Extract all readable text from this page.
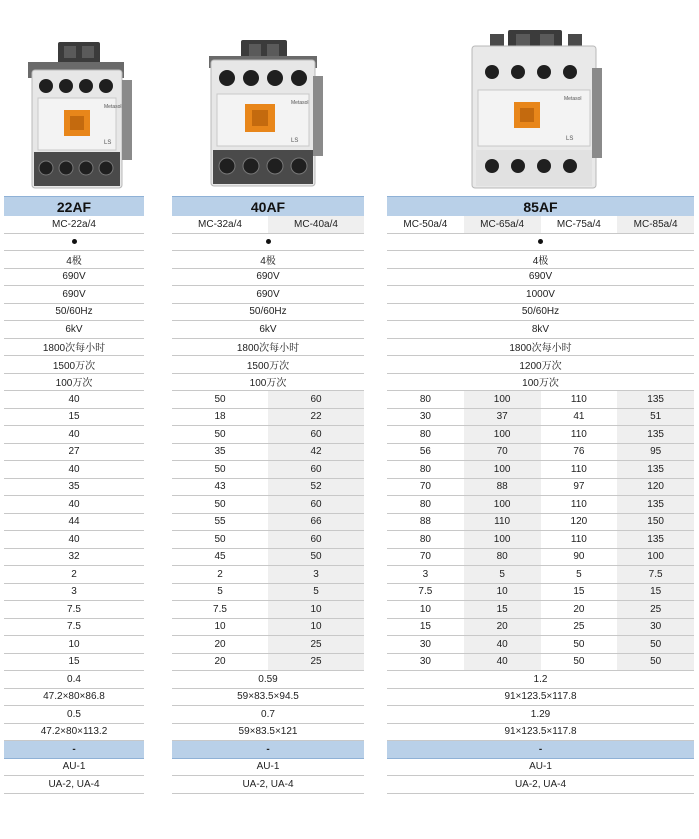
Metasol
LS
Metasol
LS
Metasol
LS
22AF
MC-22a/4
4极
690V
690V
50/60Hz
6kV
1800次每小时
1500万次
100万次
40
15
40
27
40
35
40
44
40
32
2
3
7.5
7.5
10
15
0.4
47.2×80×86.8
0.5
47.2×80×113.2
-
AU-1
UA-2, UA-4
40AF
MC-32a/4	MC-40a/4
4极
690V
690V
50/60Hz
6kV
1800次每小时
1500万次
100万次
50	60
18	22
50	60
35	42
50	60
43	52
50	60
55	66
50	60
45	50
2	3
5	5
7.5	10
10	10
20	25
20	25
0.59
59×83.5×94.5
0.7
59×83.5×121
-
AU-1
UA-2, UA-4
85AF
MC-50a/4	MC-65a/4	MC-75a/4	MC-85a/4
4极
690V
1000V
50/60Hz
8kV
1800次每小时
1200万次
100万次
80	100	110	135
30	37	41	51
80	100	110	135
56	70	76	95
80	100	110	135
70	88	97	120
80	100	110	135
88	110	120	150
80	100	110	135
70	80	90	100
3	5	5	7.5
7.5	10	15	15
10	15	20	25
15	20	25	30
30	40	50	50
30	40	50	50
1.2
91×123.5×117.8
1.29
91×123.5×117.8
-
AU-1
UA-2, UA-4
